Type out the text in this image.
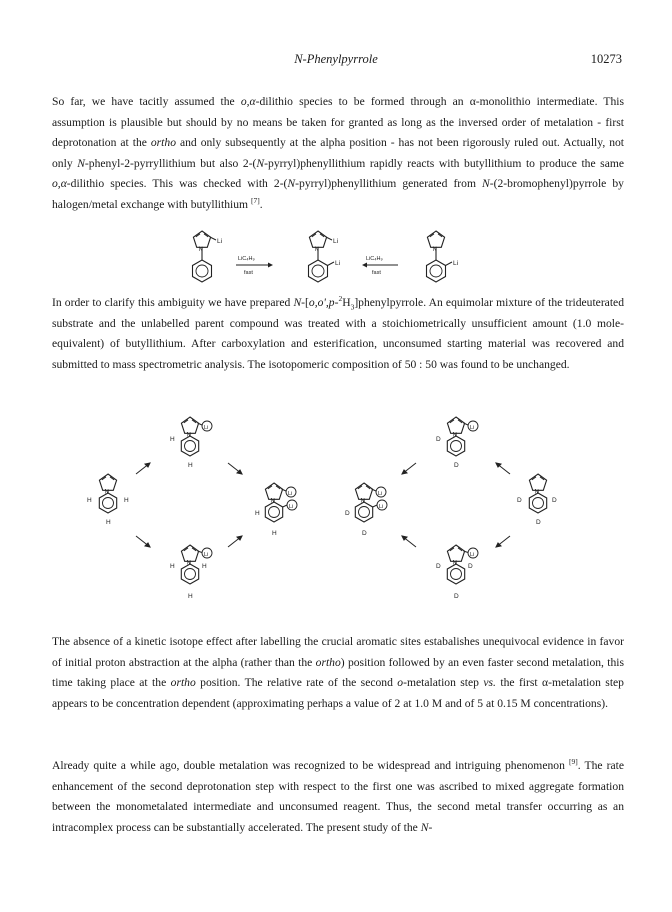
N-Phenylpyrrole	10273
So far, we have tacitly assumed the o,α-dilithio species to be formed through an α-monolithio intermediate. This assumption is plausible but should by no means be taken for granted as long as the inversed order of metalation - first deprotonation at the ortho and only subsequently at the alpha position - has not been rigorously ruled out. Actually, not only N-phenyl-2-pyrryllithium but also 2-(N-pyrryl)phenyllithium rapidly reacts with butyllithium to produce the same o,α-dilithio species. This was checked with 2-(N-pyrryl)phenyllithium generated from N-(2-bromophenyl)pyrrole by halogen/metal exchange with butyllithium [7].
N
Li
LiC₄H₉
fast
N
Li
Li
LiC₄H₉
fast
N
Li
In order to clarify this ambiguity we have prepared $N-[o,o',p-^2H_3]phenylpyrrole$. An equimolar mixture of the trideuterated substrate and the unlabelled parent compound was treated with a stoichiometrically unsufficient amount (1.0 mole-equivalent) of butyllithium. After carboxylation and esterification, unconsumed starting material was recovered and submitted to mass spectrometric analysis. The isotopomeric composition of 50 : 50 was found to be unchanged.
N
H	H
H
Li
H
H
Li
H	H
H
Li
Li
H
H
Li
Li
D
D
Li
D
D
Li
D	D
D
D	D
D
The absence of a kinetic isotope effect after labelling the crucial aromatic sites estabalishes unequivocal evidence in favor of initial proton abstraction at the alpha (rather than the ortho) position followed by an even faster second metalation, this time taking place at the ortho position. The relative rate of the second o-metalation step vs. the first α-metalation step appears to be concentration dependent (approximating perhaps a value of 2 at 1.0 M and of 5 at 0.15 M concentrations).
Already quite a while ago, double metalation was recognized to be widespread and intriguing phenomenon [9]. The rate enhancement of the second deprotonation step with respect to the first one was ascribed to mixed aggregate formation between the monometalated intermediate and unconsumed reagent. Thus, the second metal transfer occurring as an intracomplex process can be substantially accelerated. The present study of the N-
